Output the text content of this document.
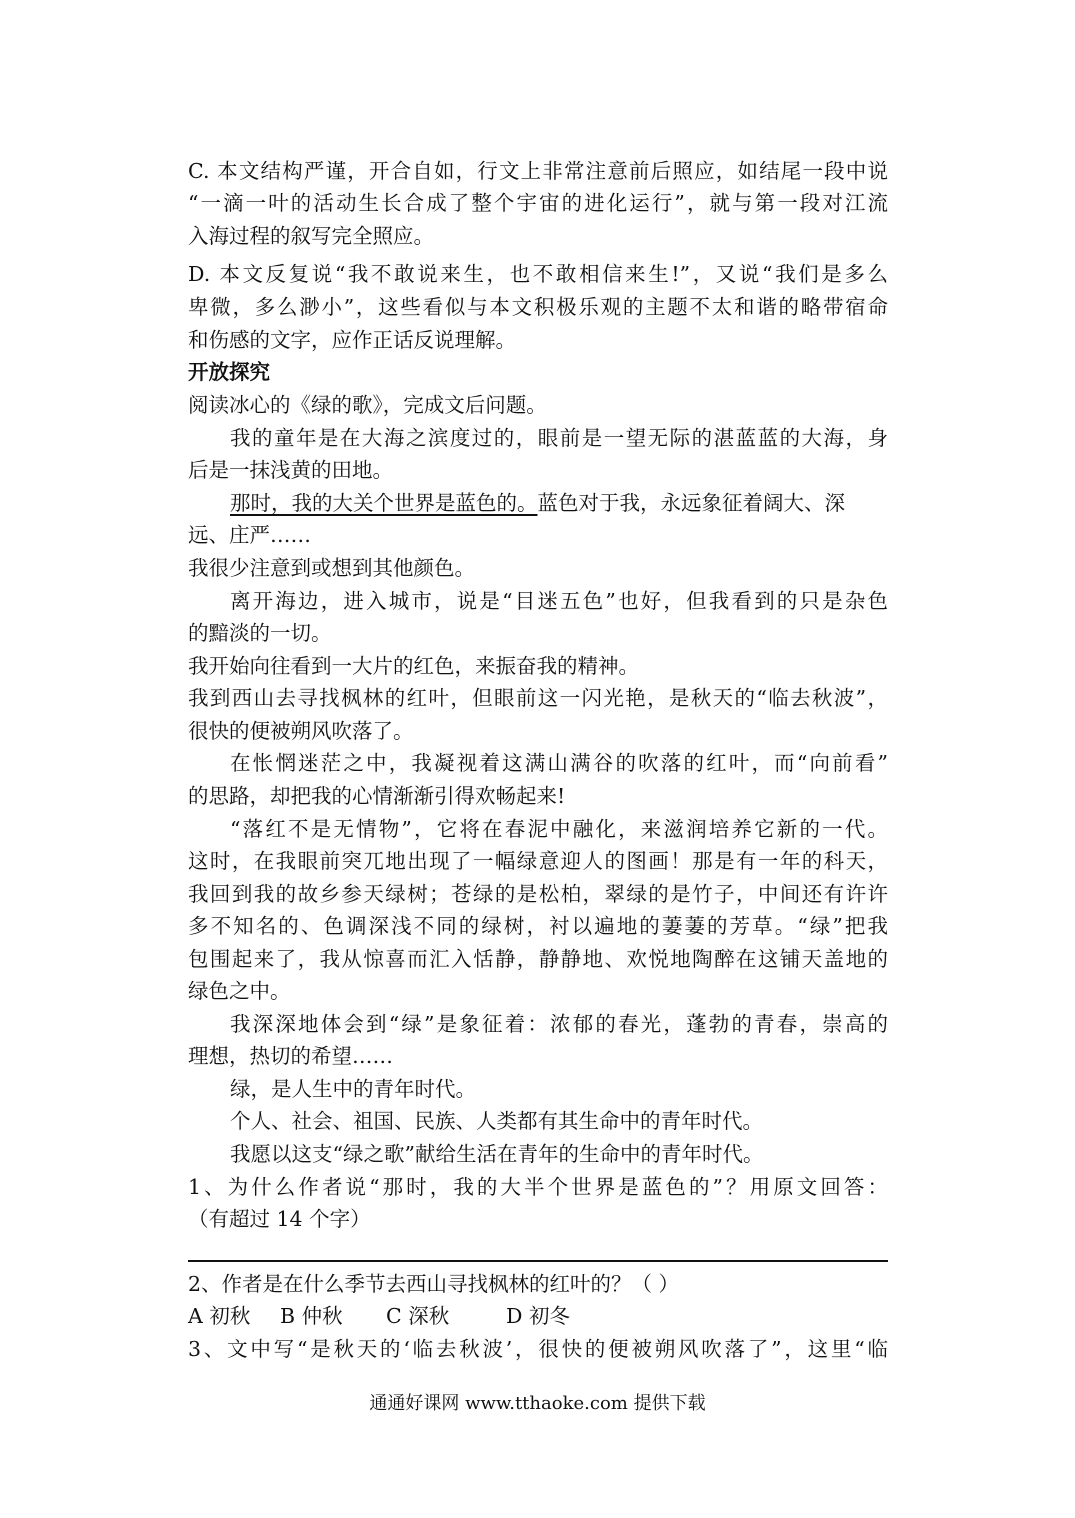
C. 本文结构严谨，开合自如，行文上非常注意前后照应，如结尾一段中说
“一滴一叶的活动生长合成了整个宇宙的进化运行”，就与第一段对江流
入海过程的叙写完全照应。
D. 本文反复说“我不敢说来生，也不敢相信来生!”，又说“我们是多么
卑微，多么渺小”，这些看似与本文积极乐观的主题不太和谐的略带宿命
和伤感的文字，应作正话反说理解。
开放探究
阅读冰心的《绿的歌》，完成文后问题。
我的童年是在大海之滨度过的，眼前是一望无际的湛蓝蓝的大海，身
后是一抹浅黄的田地。
那时，我的大关个世界是蓝色的。蓝色对于我，永远象征着阔大、深
远、庄严……
我很少注意到或想到其他颜色。
离开海边，进入城市，说是“目迷五色”也好，但我看到的只是杂色
的黯淡的一切。
我开始向往看到一大片的红色，来振奋我的精神。
我到西山去寻找枫林的红叶，但眼前这一闪光艳，是秋天的“临去秋波”，
很快的便被朔风吹落了。
在怅惘迷茫之中，我凝视着这满山满谷的吹落的红叶，而“向前看”
的思路，却把我的心情渐渐引得欢畅起来!
“落红不是无情物”，它将在春泥中融化，来滋润培养它新的一代。
这时，在我眼前突兀地出现了一幅绿意迎人的图画！那是有一年的科天，
我回到我的故乡参天绿树；苍绿的是松柏，翠绿的是竹子，中间还有许许
多不知名的、色调深浅不同的绿树，衬以遍地的萋萋的芳草。“绿”把我
包围起来了，我从惊喜而汇入恬静，静静地、欢悦地陶醉在这铺天盖地的
绿色之中。
我深深地体会到“绿”是象征着：浓郁的春光，蓬勃的青春，崇高的
理想，热切的希望……
绿，是人生中的青年时代。
个人、社会、祖国、民族、人类都有其生命中的青年时代。
我愿以这支“绿之歌”献给生活在青年的生命中的青年时代。
1、为什么作者说“那时，我的大半个世界是蓝色的”？用原文回答：
（有超过 14 个字）
2、作者是在什么季节去西山寻找枫林的红叶的？（ ）
A 初秋 B 仲秋 C 深秋	D 初冬
3、文中写“是秋天的‘临去秋波’，很快的便被朔风吹落了”，这里“临
通通好课网 www.tthaoke.com 提供下载
